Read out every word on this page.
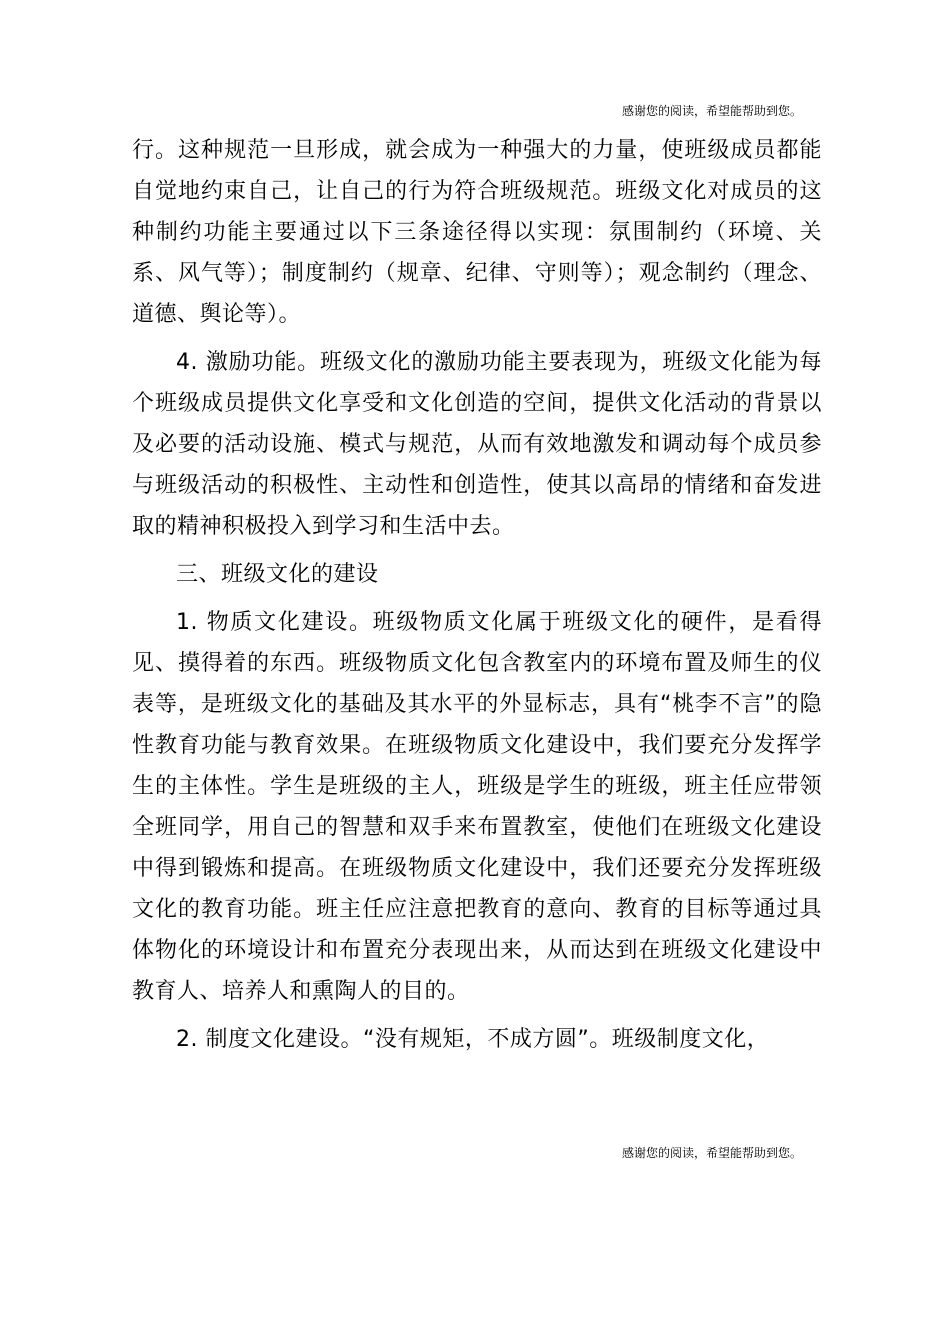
感谢您的阅读，希望能帮助到您。

行。这种规范一旦形成，就会成为一种强大的力量，使班级成员都能自觉地约束自己，让自己的行为符合班级规范。班级文化对成员的这种制约功能主要通过以下三条途径得以实现：氛围制约（环境、关系、风气等）；制度制约（规章、纪律、守则等）；观念制约（理念、道德、舆论等）。

4. 激励功能。班级文化的激励功能主要表现为，班级文化能为每个班级成员提供文化享受和文化创造的空间，提供文化活动的背景以及必要的活动设施、模式与规范，从而有效地激发和调动每个成员参与班级活动的积极性、主动性和创造性，使其以高昂的情绪和奋发进取的精神积极投入到学习和生活中去。

三、班级文化的建设

1. 物质文化建设。班级物质文化属于班级文化的硬件，是看得见、摸得着的东西。班级物质文化包含教室内的环境布置及师生的仪表等，是班级文化的基础及其水平的外显标志，具有“桃李不言”的隐性教育功能与教育效果。在班级物质文化建设中，我们要充分发挥学生的主体性。学生是班级的主人，班级是学生的班级，班主任应带领全班同学，用自己的智慧和双手来布置教室，使他们在班级文化建设中得到锻炼和提高。在班级物质文化建设中，我们还要充分发挥班级文化的教育功能。班主任应注意把教育的意向、教育的目标等通过具体物化的环境设计和布置充分表现出来，从而达到在班级文化建设中教育人、培养人和熏陶人的目的。

2. 制度文化建设。“没有规矩，不成方圆”。班级制度文化，

感谢您的阅读，希望能帮助到您。
